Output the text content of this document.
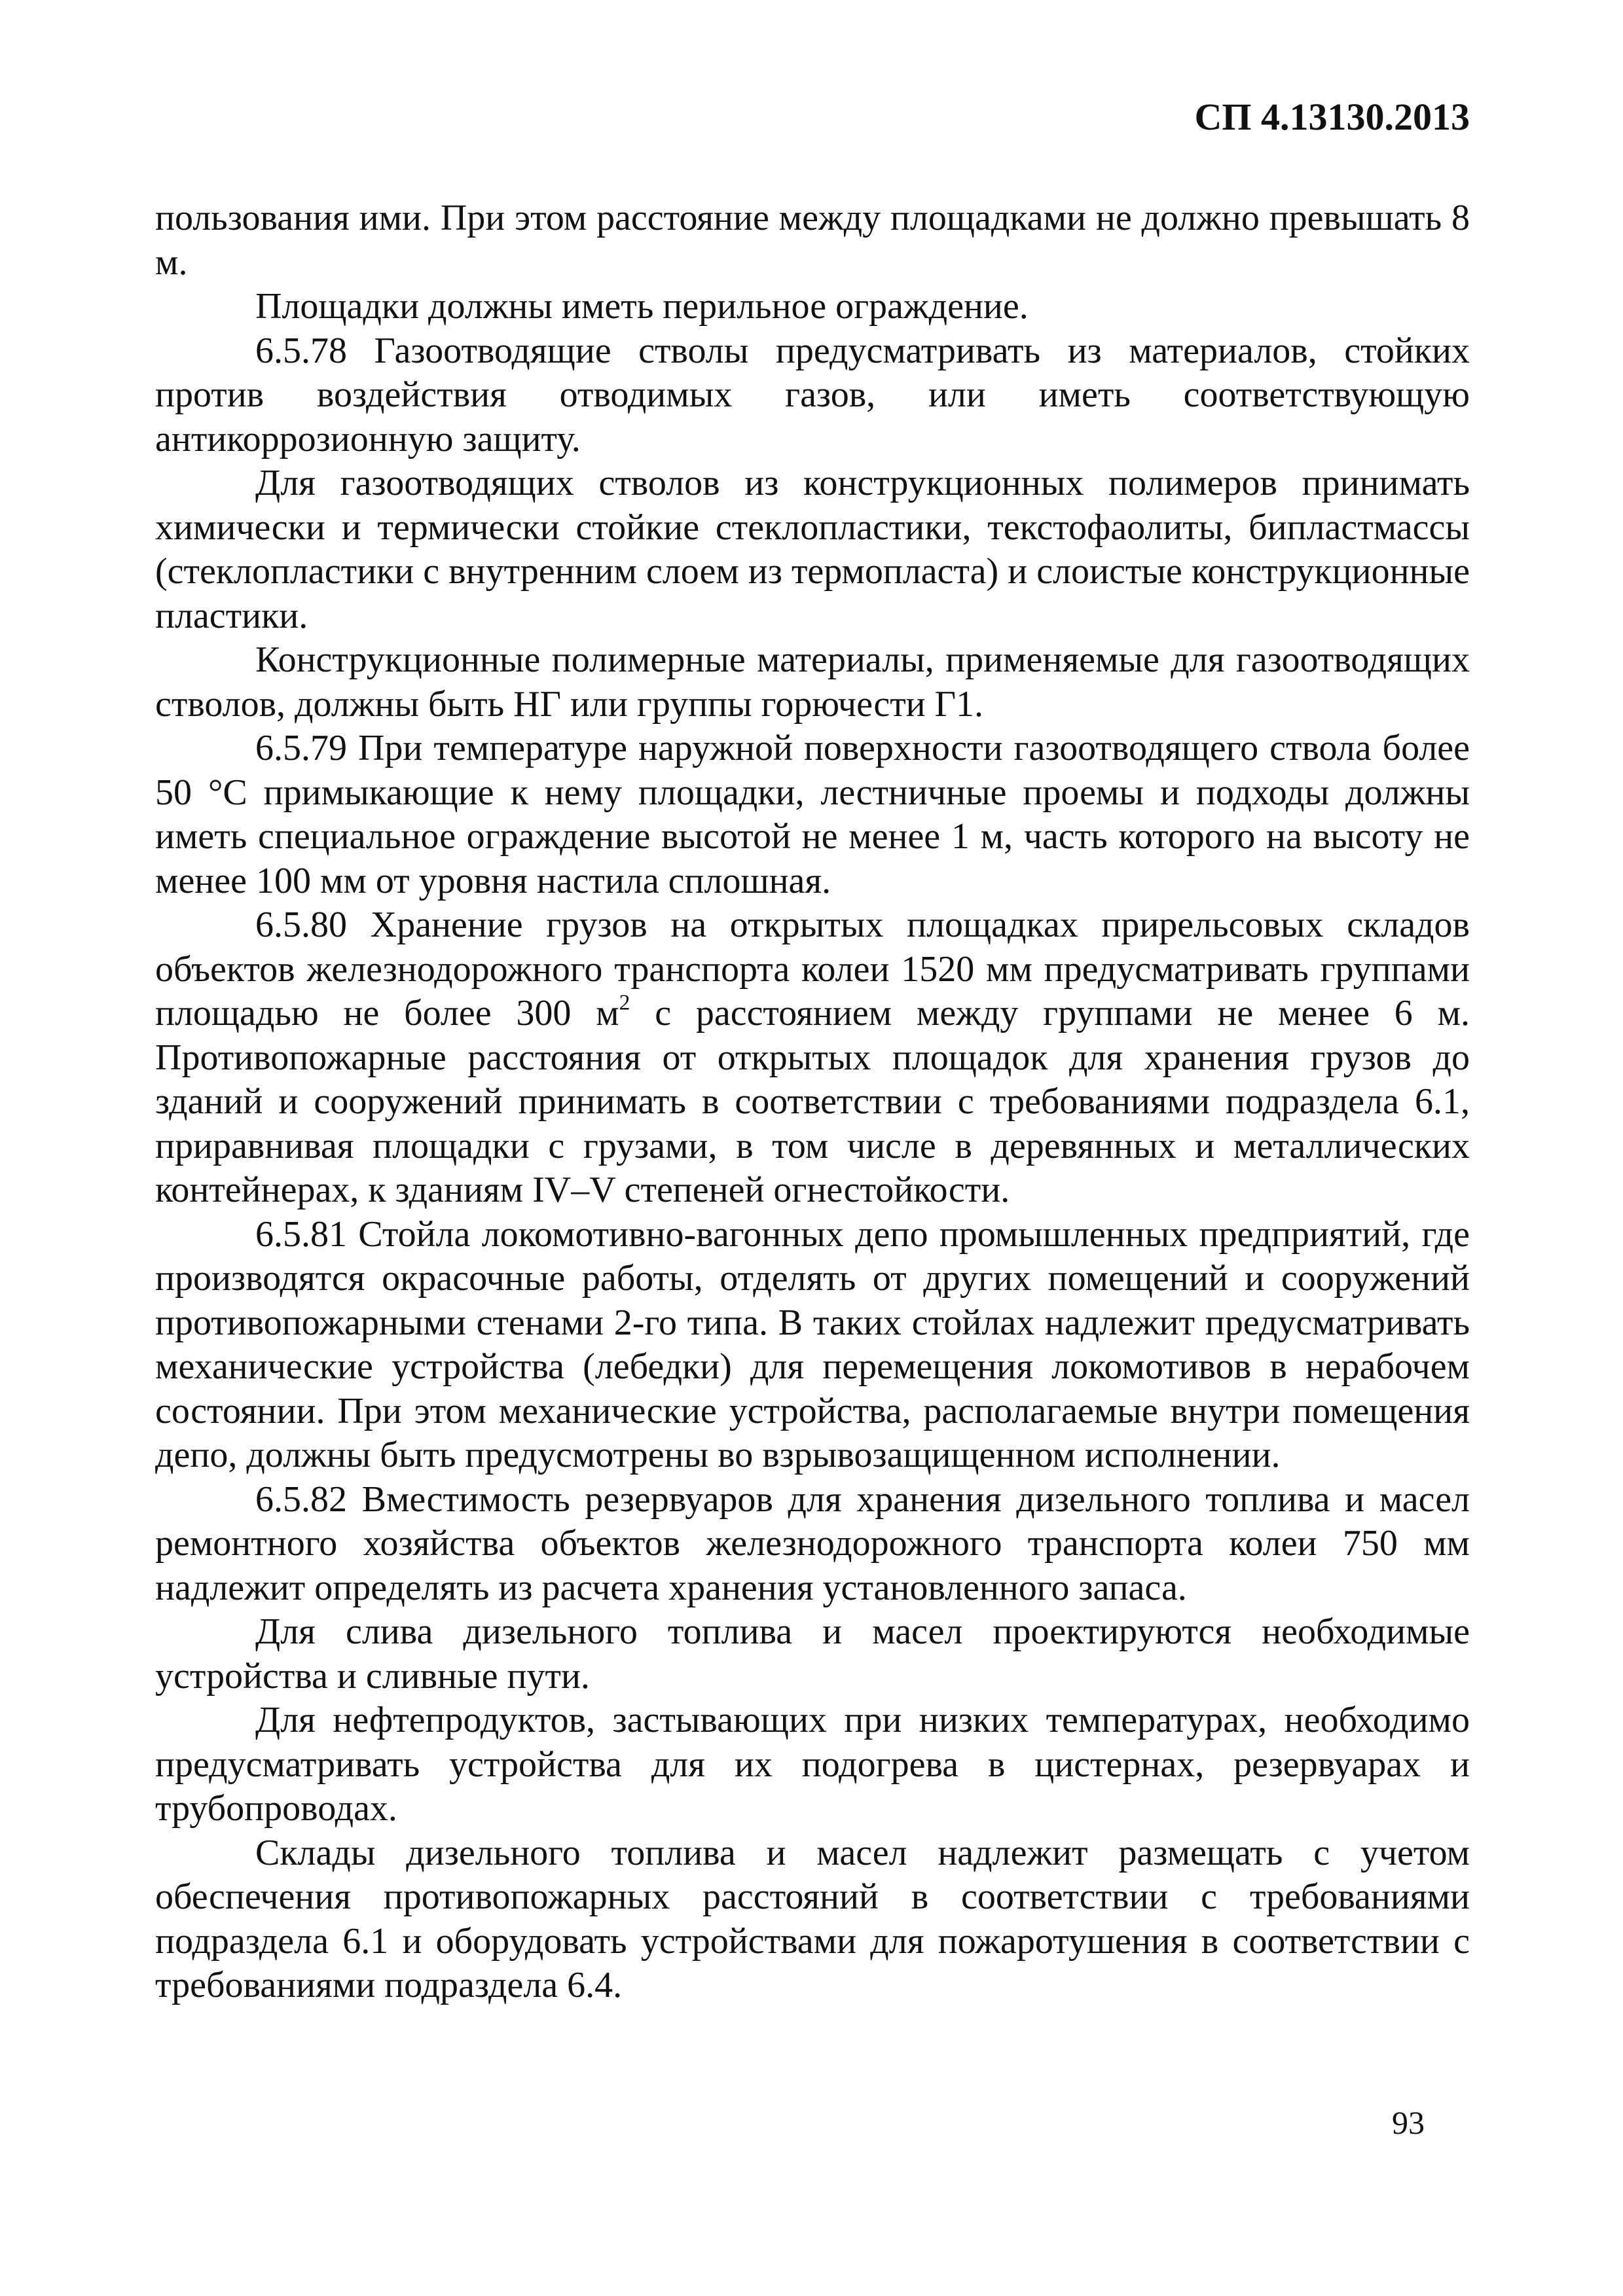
СП 4.13130.2013

пользования ими. При этом расстояние между площадками не должно превышать 8 м.

Площадки должны иметь перильное ограждение.

6.5.78 Газоотводящие стволы предусматривать из материалов, стойких против воздействия отводимых газов, или иметь соответствующую антикоррозионную защиту.

Для газоотводящих стволов из конструкционных полимеров принимать химически и термически стойкие стеклопластики, текстофаолиты, бипластмассы (стеклопластики с внутренним слоем из термопласта) и слоистые конструкционные пластики.

Конструкционные полимерные материалы, применяемые для газоотводящих стволов, должны быть НГ или группы горючести Г1.

6.5.79 При температуре наружной поверхности газоотводящего ствола более 50 °С примыкающие к нему площадки, лестничные проемы и подходы должны иметь специальное ограждение высотой не менее 1 м, часть которого на высоту не менее 100 мм от уровня настила сплошная.

6.5.80 Хранение грузов на открытых площадках прирельсовых складов объектов железнодорожного транспорта колеи 1520 мм предусматривать группами площадью не более 300 $м^2$ с расстоянием между группами не менее 6 м. Противопожарные расстояния от открытых площадок для хранения грузов до зданий и сооружений принимать в соответствии с требованиями подраздела 6.1, приравнивая площадки с грузами, в том числе в деревянных и металлических контейнерах, к зданиям IV–V степеней огнестойкости.

6.5.81 Стойла локомотивно-вагонных депо промышленных предприятий, где производятся окрасочные работы, отделять от других помещений и сооружений противопожарными стенами 2-го типа. В таких стойлах надлежит предусматривать механические устройства (лебедки) для перемещения локомотивов в нерабочем состоянии. При этом механические устройства, располагаемые внутри помещения депо, должны быть предусмотрены во взрывозащищенном исполнении.

6.5.82 Вместимость резервуаров для хранения дизельного топлива и масел ремонтного хозяйства объектов железнодорожного транспорта колеи 750 мм надлежит определять из расчета хранения установленного запаса.

Для слива дизельного топлива и масел проектируются необходимые устройства и сливные пути.

Для нефтепродуктов, застывающих при низких температурах, необходимо предусматривать устройства для их подогрева в цистернах, резервуарах и трубопроводах.

Склады дизельного топлива и масел надлежит размещать с учетом обеспечения противопожарных расстояний в соответствии с требованиями подраздела 6.1 и оборудовать устройствами для пожаротушения в соответствии с требованиями подраздела 6.4.

93
